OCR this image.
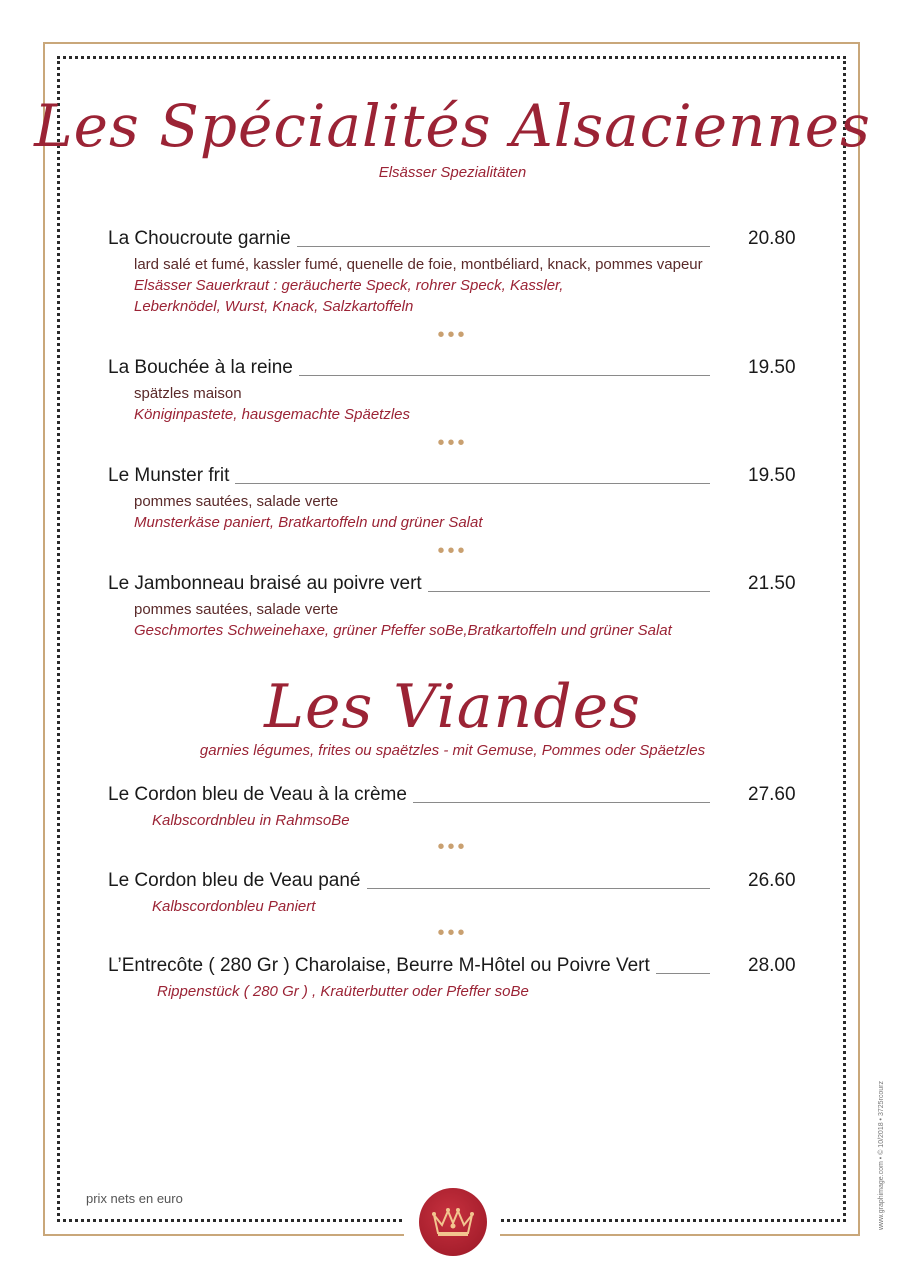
Les Spécialités Alsaciennes
Elsässer Spezialitäten
La Choucroute garnie	20.80
lard salé et fumé, kassler fumé, quenelle de foie, montbéliard, knack, pommes vapeur
Elsässer Sauerkraut : geräucherte Speck, rohrer Speck, Kassler,
Leberknödel, Wurst, Knack, Salzkartoffeln
•••
La Bouchée à la reine	19.50
spätzles maison
Königinpastete, hausgemachte Späetzles
•••
Le Munster frit	19.50
pommes sautées, salade verte
Munsterkäse paniert, Bratkartoffeln und grüner Salat
•••
Le Jambonneau braisé au poivre vert	21.50
pommes sautées, salade verte
Geschmortes Schweinehaxe, grüner Pfeffer soBe,Bratkartoffeln und grüner Salat
Les Viandes
garnies légumes, frites ou spaëtzles - mit Gemuse, Pommes oder Späetzles
Le Cordon bleu de Veau à la crème	27.60
Kalbscordnbleu in RahmsoBe
•••
Le Cordon bleu de Veau pané	26.60
Kalbscordonbleu Paniert
•••
L’Entrecôte ( 280 Gr ) Charolaise, Beurre M-Hôtel ou Poivre Vert	28.00
Rippenstück ( 280 Gr ) , Kraüterbutter oder Pfeffer soBe
prix nets en euro	www.graphimage.com • © 10/2018 • 3725rcourz
